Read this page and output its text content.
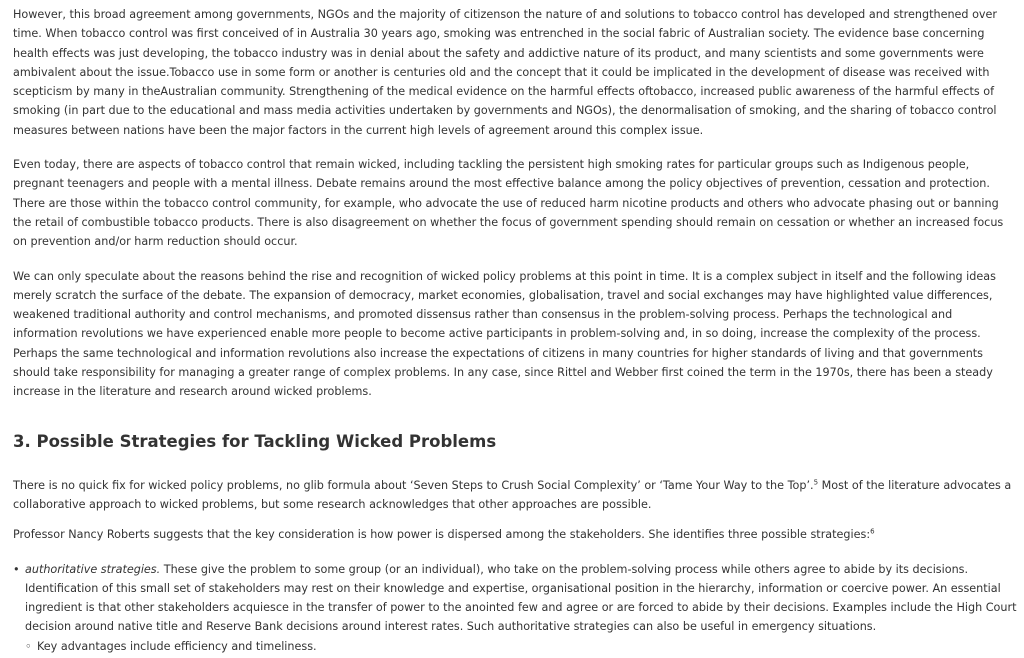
However, this broad agreement among governments, NGOs and the majority of citizenson the nature of and solutions to tobacco control has developed and strengthened over time. When tobacco control was first conceived of in Australia 30 years ago, smoking was entrenched in the social fabric of Australian society. The evidence base concerning health effects was just developing, the tobacco industry was in denial about the safety and addictive nature of its product, and many scientists and some governments were ambivalent about the issue.Tobacco use in some form or another is centuries old and the concept that it could be implicated in the development of disease was received with scepticism by many in theAustralian community. Strengthening of the medical evidence on the harmful effects oftobacco, increased public awareness of the harmful effects of smoking (in part due to the educational and mass media activities undertaken by governments and NGOs), the denormalisation of smoking, and the sharing of tobacco control measures between nations have been the major factors in the current high levels of agreement around this complex issue.

Even today, there are aspects of tobacco control that remain wicked, including tackling the persistent high smoking rates for particular groups such as Indigenous people, pregnant teenagers and people with a mental illness. Debate remains around the most effective balance among the policy objectives of prevention, cessation and protection. There are those within the tobacco control community, for example, who advocate the use of reduced harm nicotine products and others who advocate phasing out or banning the retail of combustible tobacco products. There is also disagreement on whether the focus of government spending should remain on cessation or whether an increased focus on prevention and/or harm reduction should occur.

We can only speculate about the reasons behind the rise and recognition of wicked policy problems at this point in time. It is a complex subject in itself and the following ideas merely scratch the surface of the debate. The expansion of democracy, market economies, globalisation, travel and social exchanges may have highlighted value differences, weakened traditional authority and control mechanisms, and promoted dissensus rather than consensus in the problem-solving process. Perhaps the technological and information revolutions we have experienced enable more people to become active participants in problem-solving and, in so doing, increase the complexity of the process. Perhaps the same technological and information revolutions also increase the expectations of citizens in many countries for higher standards of living and that governments should take responsibility for managing a greater range of complex problems. In any case, since Rittel and Webber first coined the term in the 1970s, there has been a steady increase in the literature and research around wicked problems.

3. Possible Strategies for Tackling Wicked Problems

There is no quick fix for wicked policy problems, no glib formula about ‘Seven Steps to Crush Social Complexity’ or ‘Tame Your Way to the Top’.$^5$ Most of the literature advocates a collaborative approach to wicked problems, but some research acknowledges that other approaches are possible.

Professor Nancy Roberts suggests that the key consideration is how power is dispersed among the stakeholders. She identifies three possible strategies:$^6$

• authoritative strategies. These give the problem to some group (or an individual), who take on the problem-solving process while others agree to abide by its decisions. Identification of this small set of stakeholders may rest on their knowledge and expertise, organisational position in the hierarchy, information or coercive power. An essential ingredient is that other stakeholders acquiesce in the transfer of power to the anointed few and agree or are forced to abide by their decisions. Examples include the High Court decision around native title and Reserve Bank decisions around interest rates. Such authoritative strategies can also be useful in emergency situations.
◦ Key advantages include efficiency and timeliness.
